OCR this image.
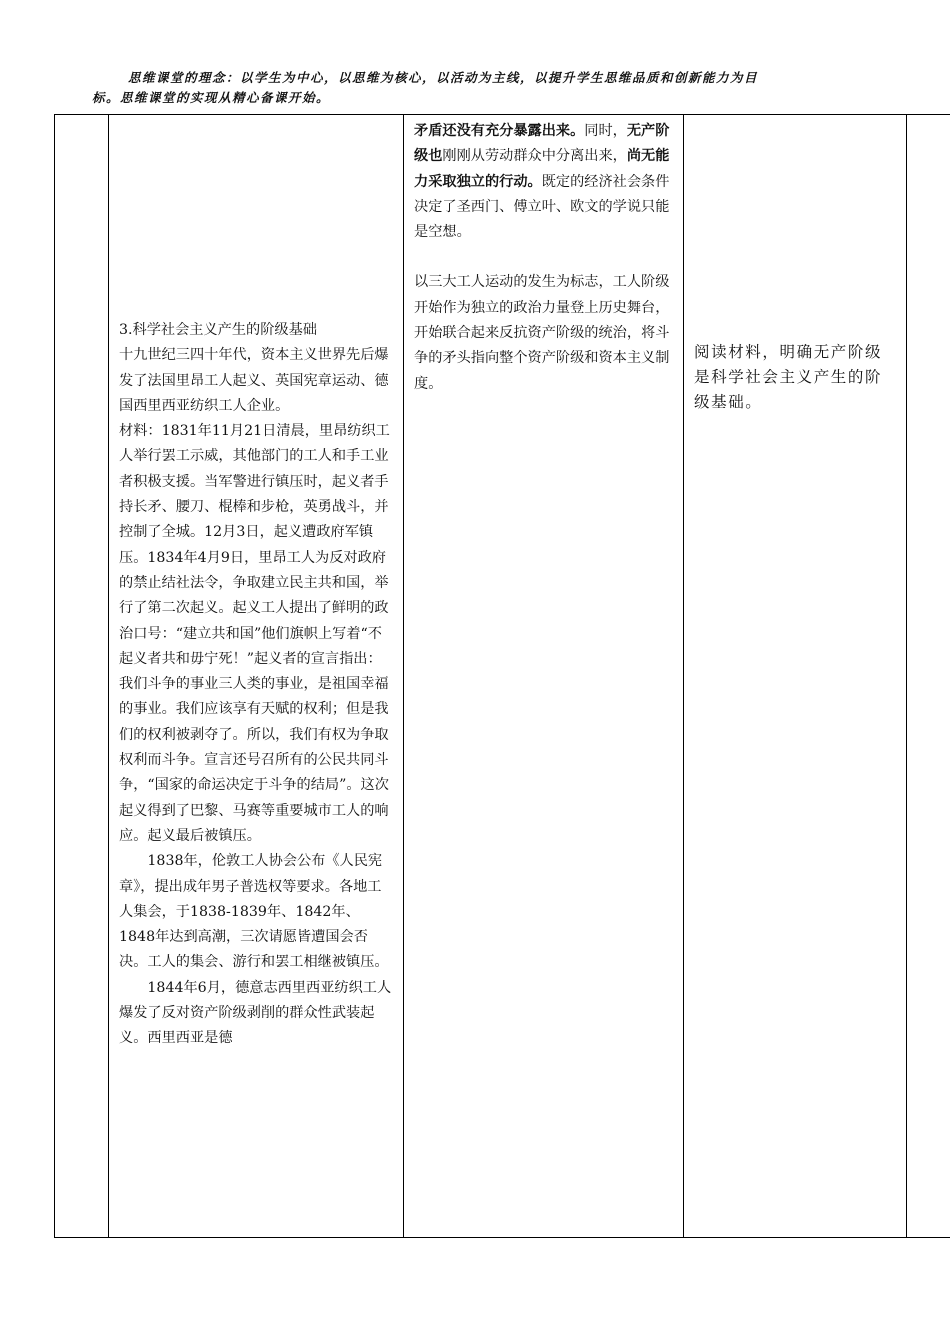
思维课堂的理念：以学生为中心，以思维为核心，以活动为主线，以提升学生思维品质和创新能力为目
标。思维课堂的实现从精心备课开始。

3.科学社会主义产生的阶级基础

十九世纪三四十年代，资本主义世界先后爆发了法国里昂工人起义、英国宪章运动、德国西里西亚纺织工人企业。

材料：1831年11月21日清晨，里昂纺织工人举行罢工示威，其他部门的工人和手工业者积极支援。当军警进行镇压时，起义者手持长矛、腰刀、棍棒和步枪，英勇战斗，并控制了全城。12月3日，起义遭政府军镇压。1834年4月9日，里昂工人为反对政府的禁止结社法令，争取建立民主共和国，举行了第二次起义。起义工人提出了鲜明的政治口号：“建立共和国”他们旗帜上写着“不起义者共和毋宁死！”起义者的宣言指出：我们斗争的事业三人类的事业，是祖国幸福的事业。我们应该享有天赋的权利；但是我们的权利被剥夺了。所以，我们有权为争取权利而斗争。宣言还号召所有的公民共同斗争，“国家的命运决定于斗争的结局”。这次起义得到了巴黎、马赛等重要城市工人的响应。起义最后被镇压。

1838年，伦敦工人协会公布《人民宪章》，提出成年男子普选权等要求。各地工人集会，于1838-1839年、1842年、1848年达到高潮，三次请愿皆遭国会否决。工人的集会、游行和罢工相继被镇压。

1844年6月，德意志西里西亚纺织工人爆发了反对资产阶级剥削的群众性武装起义。西里西亚是德

矛盾还没有充分暴露出来。同时，无产阶级也刚刚从劳动群众中分离出来，尚无能力采取独立的行动。既定的经济社会条件决定了圣西门、傅立叶、欧文的学说只能是空想。

以三大工人运动的发生为标志，工人阶级开始作为独立的政治力量登上历史舞台，开始联合起来反抗资产阶级的统治，将斗争的矛头指向整个资产阶级和资本主义制度。

阅读材料，明确无产阶级是科学社会主义产生的阶级基础。
